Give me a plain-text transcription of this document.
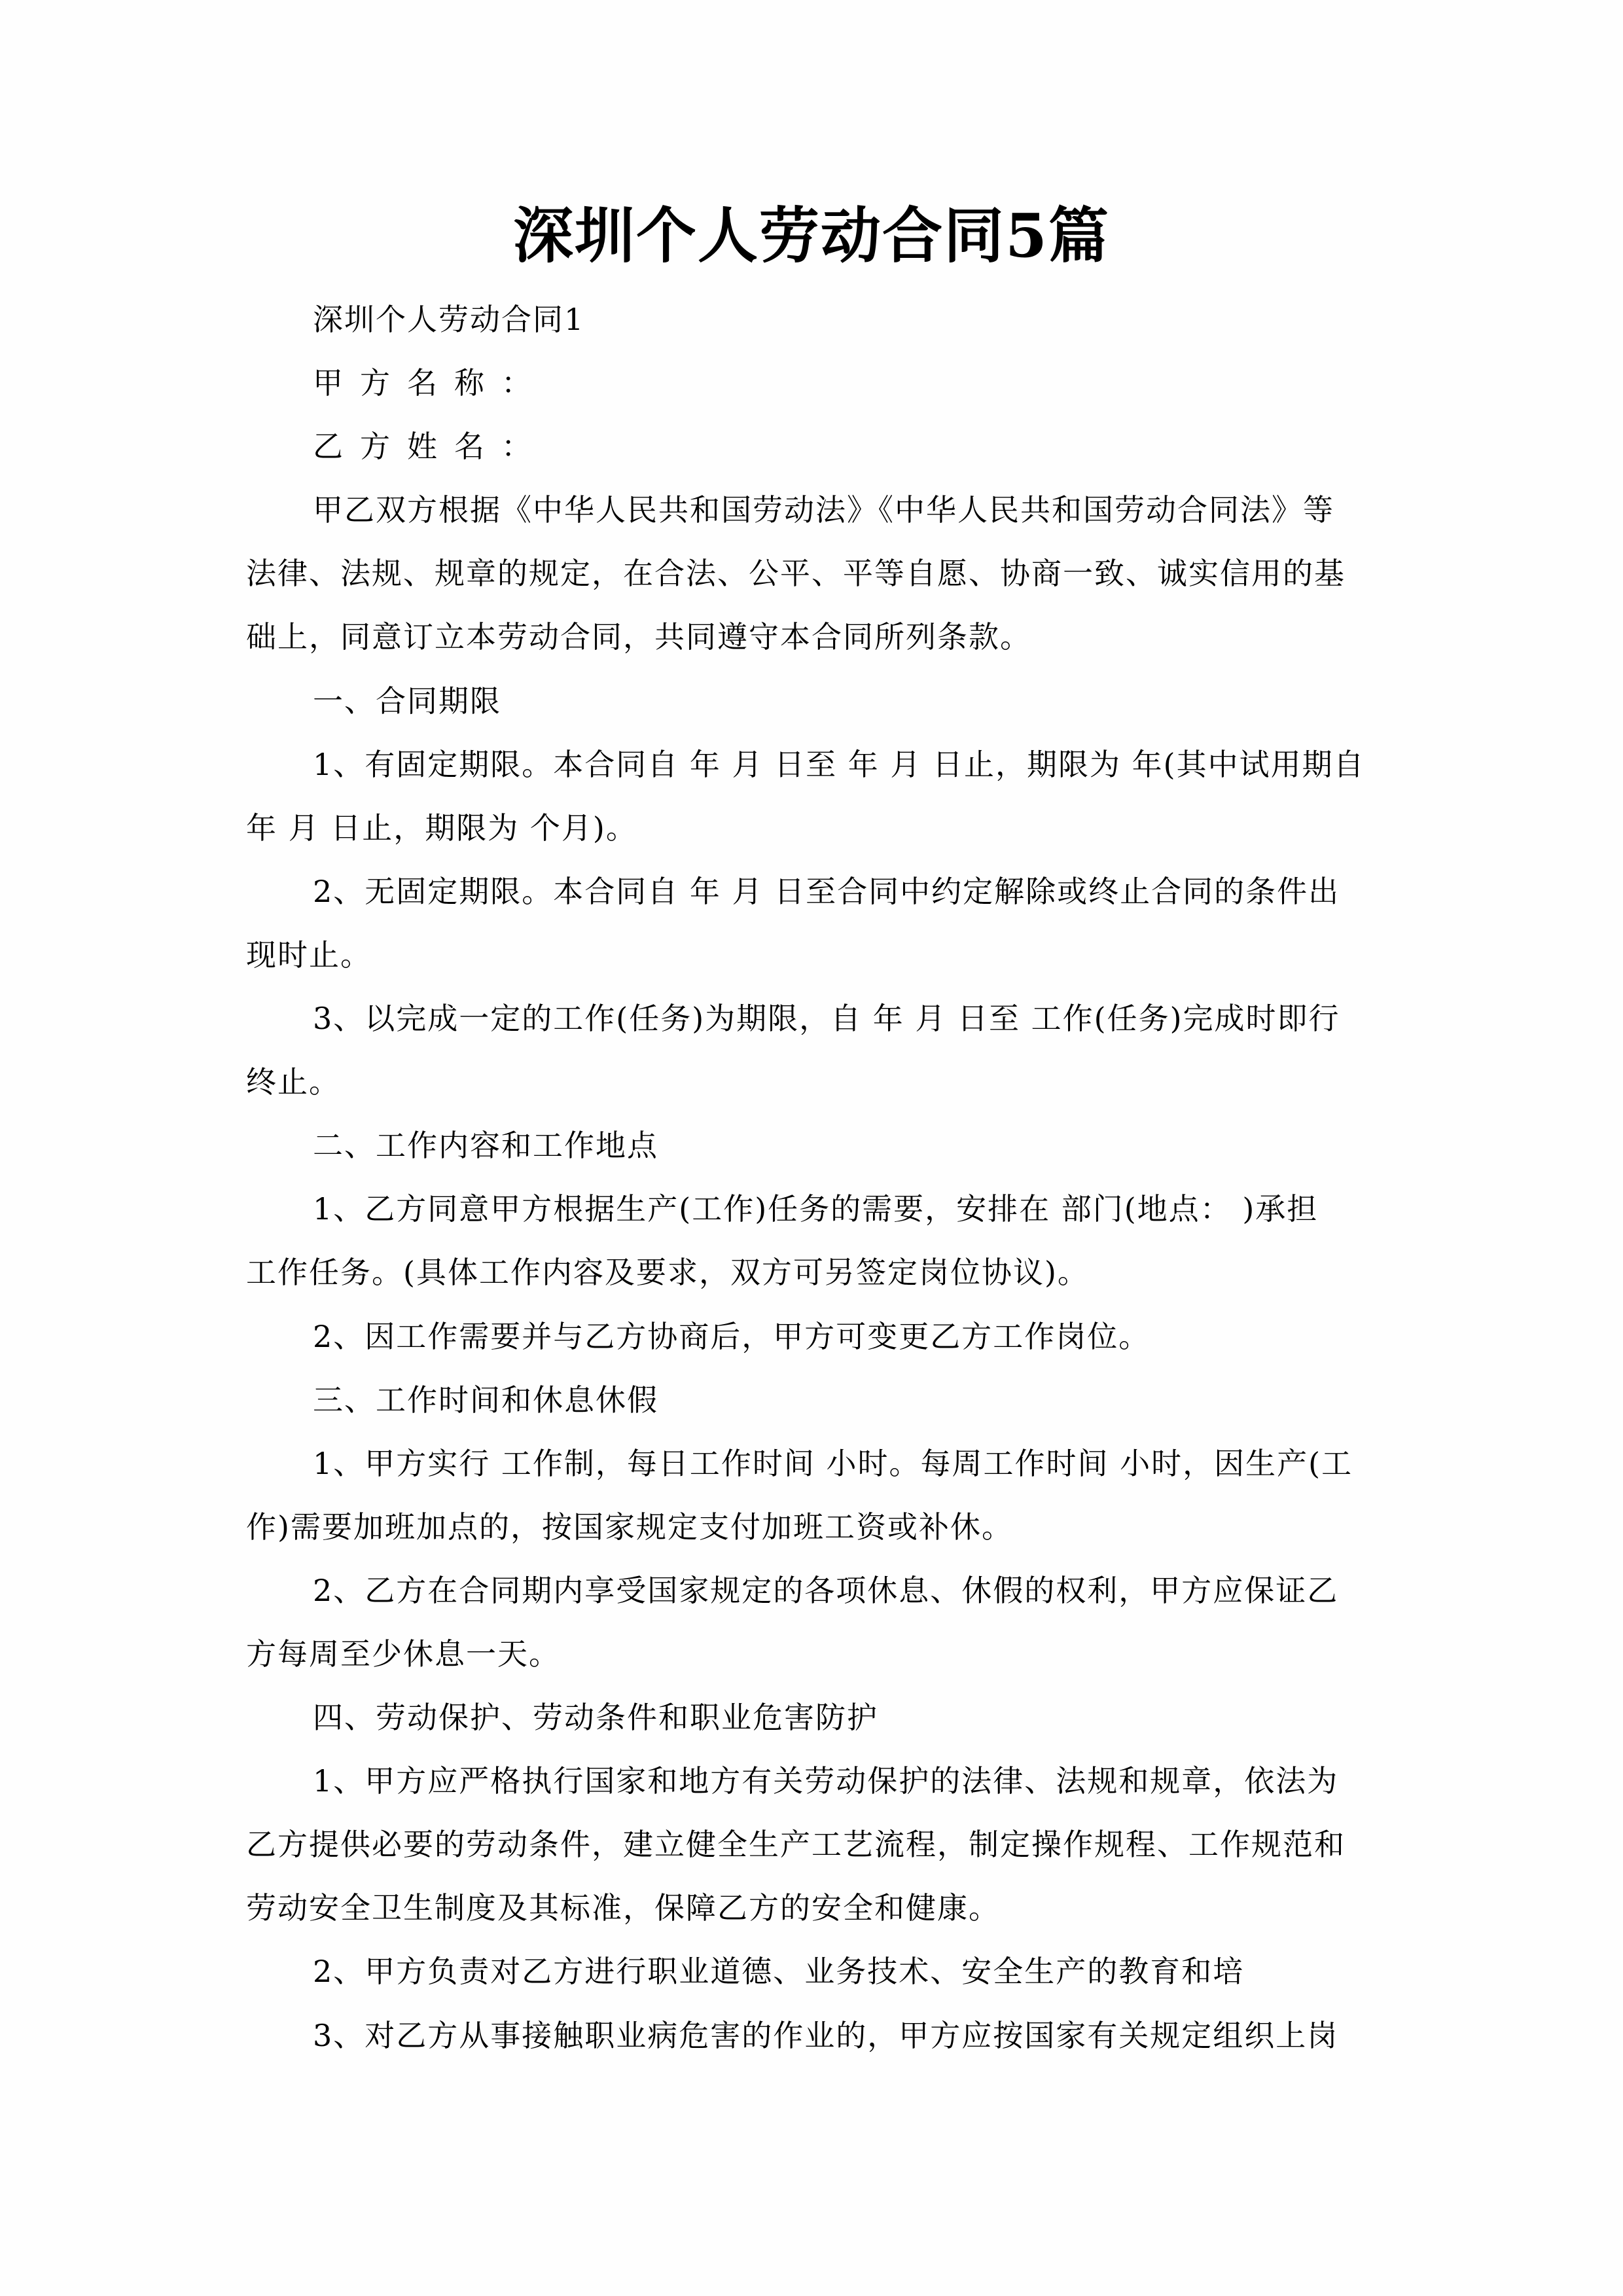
深圳个人劳动合同5篇
深圳个人劳动合同1
甲方名称：
乙方姓名：
甲乙双方根据《中华人民共和国劳动法》《中华人民共和国劳动合同法》等
法律、法规、规章的规定，在合法、公平、平等自愿、协商一致、诚实信用的基
础上，同意订立本劳动合同，共同遵守本合同所列条款。
一、合同期限
1、有固定期限。本合同自 年 月 日至 年 月 日止，期限为 年(其中试用期自
年 月 日止，期限为 个月)。
2、无固定期限。本合同自 年 月 日至合同中约定解除或终止合同的条件出
现时止。
3、以完成一定的工作(任务)为期限，自 年 月 日至 工作(任务)完成时即行
终止。
二、工作内容和工作地点
1、乙方同意甲方根据生产(工作)任务的需要，安排在 部门(地点： )承担
工作任务。(具体工作内容及要求，双方可另签定岗位协议)。
2、因工作需要并与乙方协商后，甲方可变更乙方工作岗位。
三、工作时间和休息休假
1、甲方实行 工作制，每日工作时间 小时。每周工作时间 小时，因生产(工
作)需要加班加点的，按国家规定支付加班工资或补休。
2、乙方在合同期内享受国家规定的各项休息、休假的权利，甲方应保证乙
方每周至少休息一天。
四、劳动保护、劳动条件和职业危害防护
1、甲方应严格执行国家和地方有关劳动保护的法律、法规和规章，依法为
乙方提供必要的劳动条件，建立健全生产工艺流程，制定操作规程、工作规范和
劳动安全卫生制度及其标准，保障乙方的安全和健康。
2、甲方负责对乙方进行职业道德、业务技术、安全生产的教育和培
3、对乙方从事接触职业病危害的作业的，甲方应按国家有关规定组织上岗
